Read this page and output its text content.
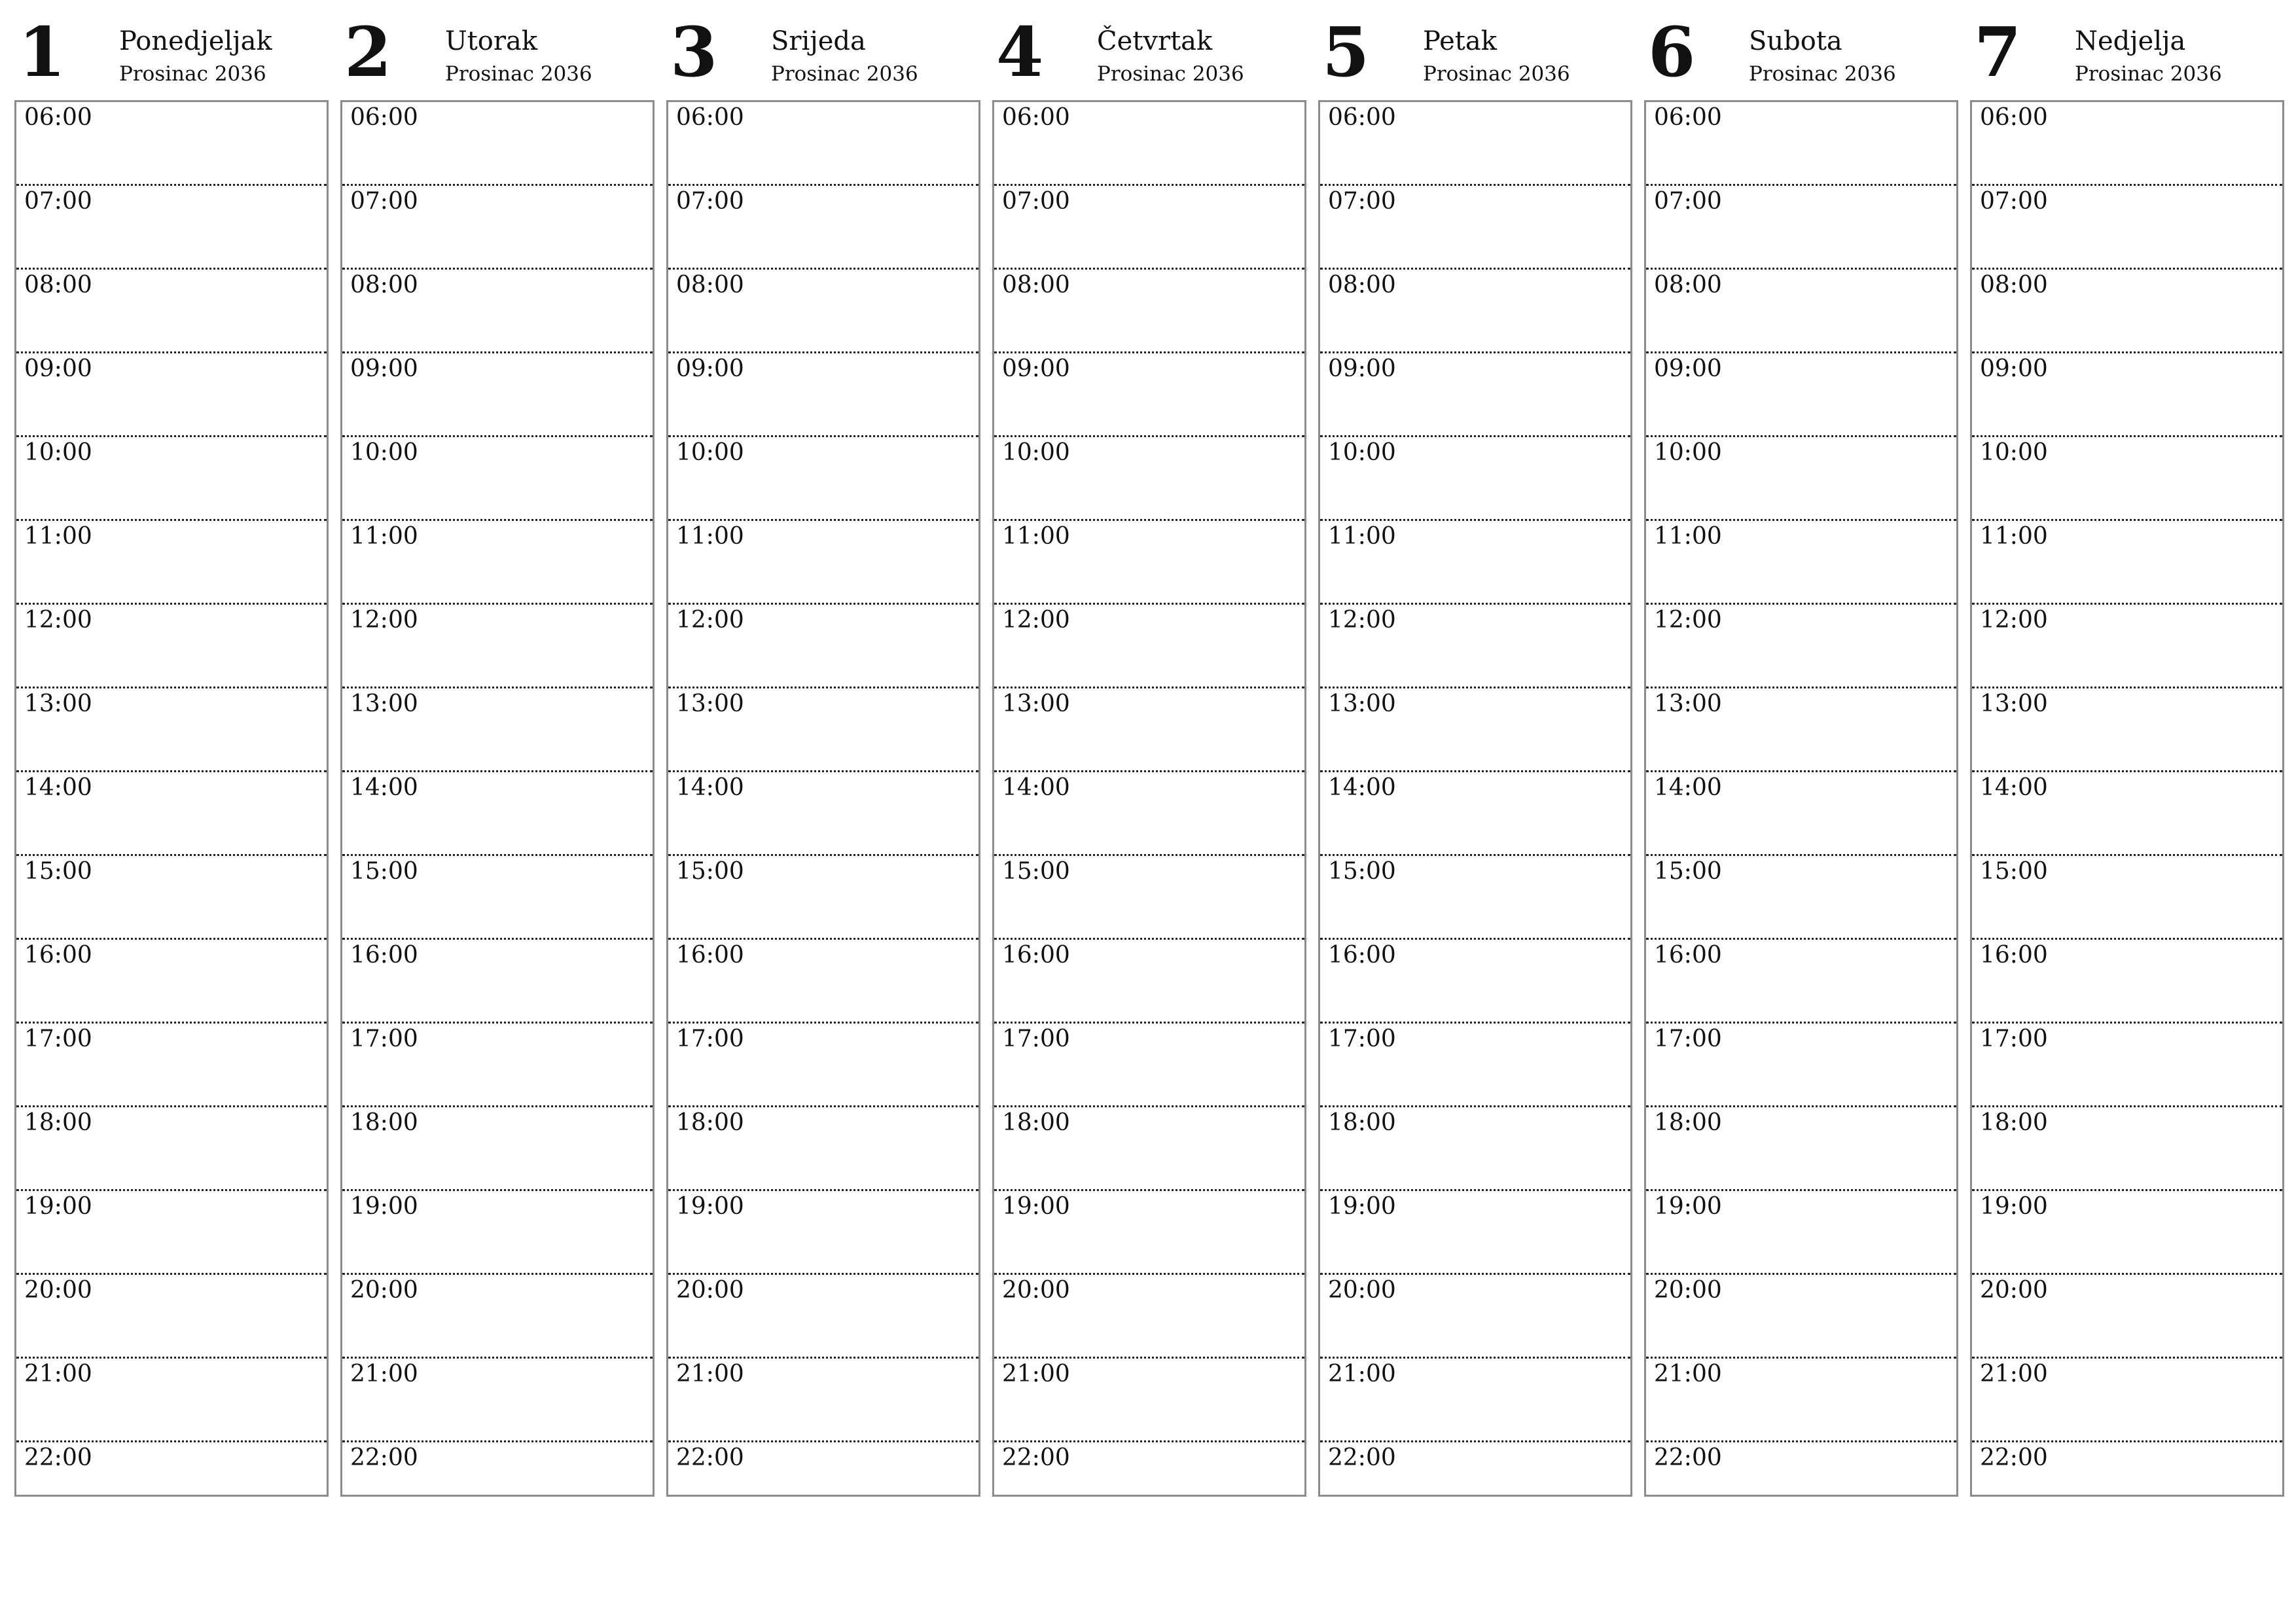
1 Ponedjeljak
Prosinac 2036
06:00
07:00
08:00
09:00
10:00
11:00
12:00
13:00
14:00
15:00
16:00
17:00
18:00
19:00
20:00
21:00
22:00
2 Utorak
Prosinac 2036
06:00
07:00
08:00
09:00
10:00
11:00
12:00
13:00
14:00
15:00
16:00
17:00
18:00
19:00
20:00
21:00
22:00
3 Srijeda
Prosinac 2036
06:00
07:00
08:00
09:00
10:00
11:00
12:00
13:00
14:00
15:00
16:00
17:00
18:00
19:00
20:00
21:00
22:00
4 Četvrtak
Prosinac 2036
06:00
07:00
08:00
09:00
10:00
11:00
12:00
13:00
14:00
15:00
16:00
17:00
18:00
19:00
20:00
21:00
22:00
5 Petak
Prosinac 2036
06:00
07:00
08:00
09:00
10:00
11:00
12:00
13:00
14:00
15:00
16:00
17:00
18:00
19:00
20:00
21:00
22:00
6 Subota
Prosinac 2036
06:00
07:00
08:00
09:00
10:00
11:00
12:00
13:00
14:00
15:00
16:00
17:00
18:00
19:00
20:00
21:00
22:00
7 Nedjelja
Prosinac 2036
06:00
07:00
08:00
09:00
10:00
11:00
12:00
13:00
14:00
15:00
16:00
17:00
18:00
19:00
20:00
21:00
22:00
